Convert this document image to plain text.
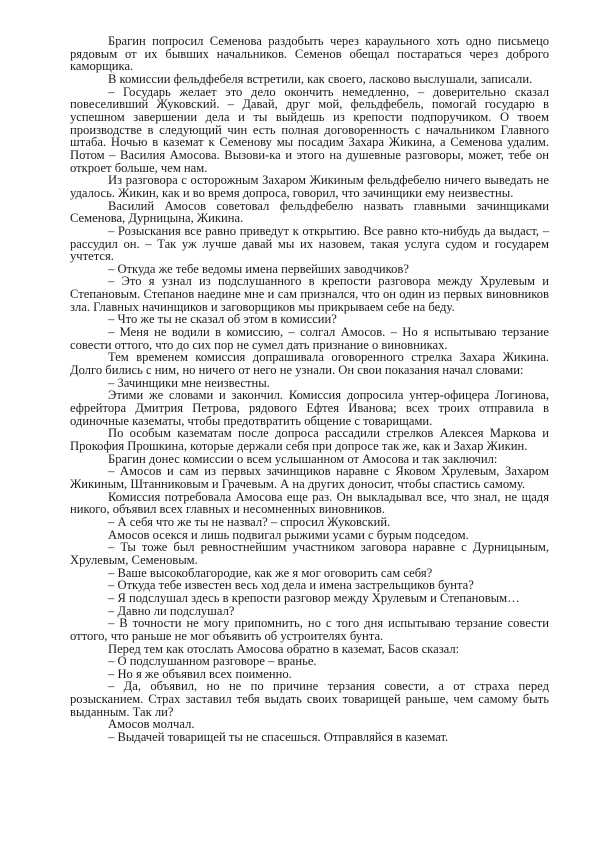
Брагин попросил Семенова раздобыть через караульного хоть одно письмецо рядовым от их бывших начальников. Семенов обещал постараться через доброго каморщика.

В комиссии фельдфебеля встретили, как своего, ласково выслушали, записали.

– Государь желает это дело окончить немедленно, – доверительно сказал повеселивший Жуковский. – Давай, друг мой, фельдфебель, помогай государю в успешном завершении дела и ты выйдешь из крепости подпоручиком. О твоем производстве в следующий чин есть полная договоренность с начальником Главного штаба. Ночью в каземат к Семенову мы посадим Захара Жикина, а Семенова удалим. Потом – Василия Амосова. Вызови-ка и этого на душевные разговоры, может, тебе он откроет больше, чем нам.

Из разговора с осторожным Захаром Жикиным фельдфебелю ничего выведать не удалось. Жикин, как и во время допроса, говорил, что зачинщики ему неизвестны.

Василий Амосов советовал фельдфебелю назвать главными зачинщиками Семенова, Дурницына, Жикина.

– Розыскания все равно приведут к открытию. Все равно кто-нибудь да выдаст, – рассудил он. – Так уж лучше давай мы их назовем, такая услуга судом и государем учтется.

– Откуда же тебе ведомы имена первейших заводчиков?

– Это я узнал из подслушанного в крепости разговора между Хрулевым и Степановым. Степанов наедине мне и сам признался, что он один из первых виновников зла. Главных начинщиков и заговорщиков мы прикрываем себе на беду.

– Что же ты не сказал об этом в комиссии?

– Меня не водили в комиссию, – солгал Амосов. – Но я испытываю терзание совести оттого, что до сих пор не сумел дать признание о виновниках.

Тем временем комиссия допрашивала оговоренного стрелка Захара Жикина. Долго бились с ним, но ничего от него не узнали. Он свои показания начал словами:

– Зачинщики мне неизвестны.

Этими же словами и закончил. Комиссия допросила унтер-офицера Логинова, ефрейтора Дмитрия Петрова, рядового Ефтея Иванова; всех троих отправила в одиночные казематы, чтобы предотвратить общение с товарищами.

По особым казематам после допроса рассадили стрелков Алексея Маркова и Прокофия Прошкина, которые держали себя при допросе так же, как и Захар Жикин.

Брагин донес комиссии о всем услышанном от Амосова и так заключил:

– Амосов и сам из первых зачинщиков наравне с Яковом Хрулевым, Захаром Жикиным, Штанниковым и Грачевым. А на других доносит, чтобы спастись самому.

Комиссия потребовала Амосова еще раз. Он выкладывал все, что знал, не щадя никого, объявил всех главных и несомненных виновников.

– А себя что же ты не назвал? – спросил Жуковский.

Амосов осекся и лишь подвигал рыжими усами с бурым подседом.

– Ты тоже был ревностнейшим участником заговора наравне с Дурницыным, Хрулевым, Семеновым.

– Ваше высокоблагородие, как же я мог оговорить сам себя?

– Откуда тебе известен весь ход дела и имена застрельщиков бунта?

– Я подслушал здесь в крепости разговор между Хрулевым и Степановым…

– Давно ли подслушал?

– В точности не могу припомнить, но с того дня испытываю терзание совести оттого, что раньше не мог объявить об устроителях бунта.

Перед тем как отослать Амосова обратно в каземат, Басов сказал:

– О подслушанном разговоре – вранье.

– Но я же объявил всех поименно.

– Да, объявил, но не по причине терзания совести, а от страха перед розысканием. Страх заставил тебя выдать своих товарищей раньше, чем самому быть выданным. Так ли?

Амосов молчал.

– Выдачей товарищей ты не спасешься. Отправляйся в каземат.
